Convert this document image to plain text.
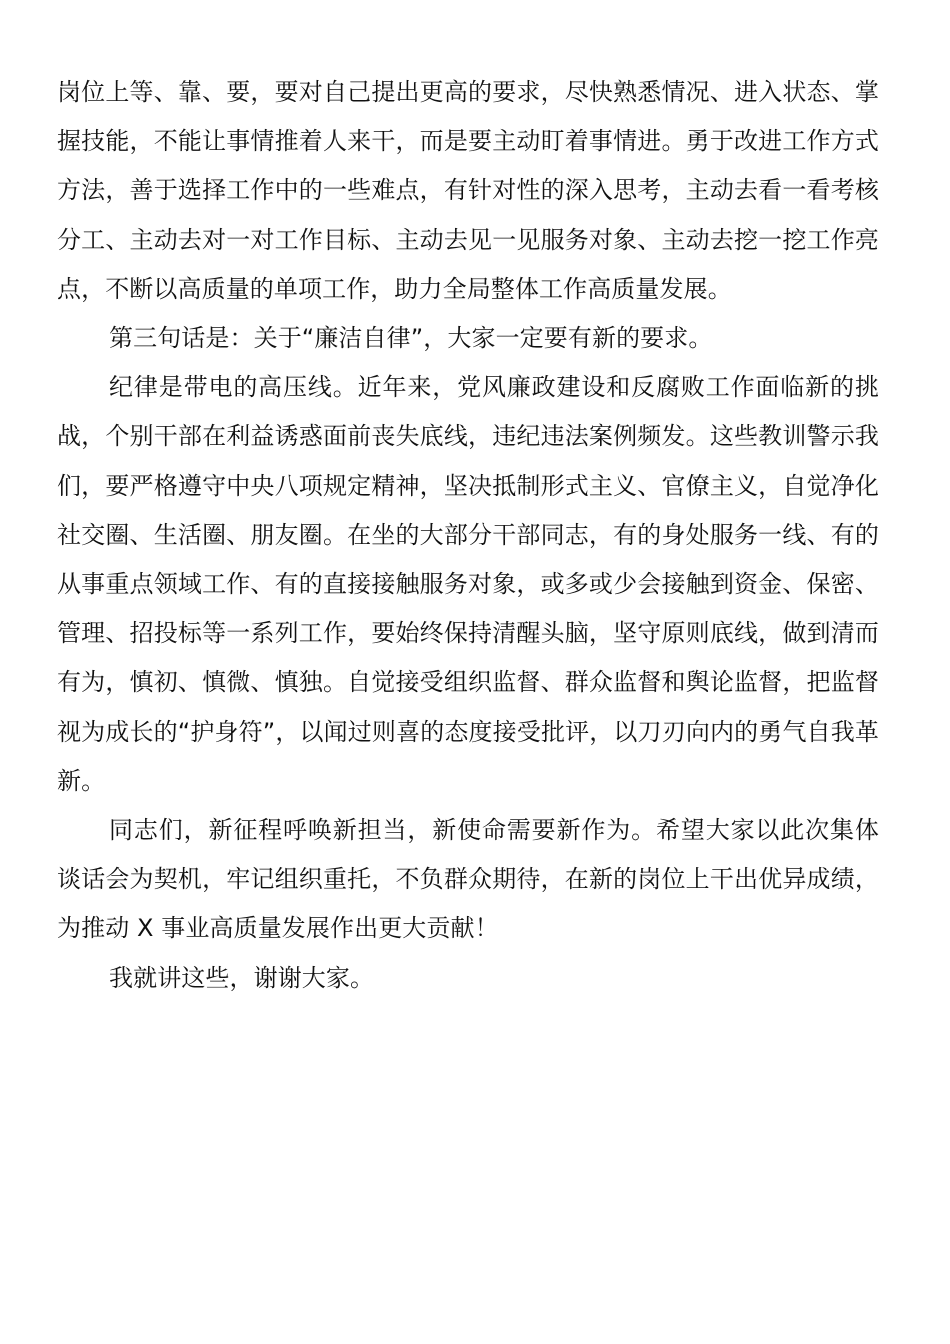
岗位上等、靠、要，要对自己提出更高的要求，尽快熟悉情况、进入状态、掌握技能，不能让事情推着人来干，而是要主动盯着事情进。勇于改进工作方式方法，善于选择工作中的一些难点，有针对性的深入思考，主动去看一看考核分工、主动去对一对工作目标、主动去见一见服务对象、主动去挖一挖工作亮点，不断以高质量的单项工作，助力全局整体工作高质量发展。

第三句话是：关于“廉洁自律”，大家一定要有新的要求。

纪律是带电的高压线。近年来，党风廉政建设和反腐败工作面临新的挑战，个别干部在利益诱惑面前丧失底线，违纪违法案例频发。这些教训警示我们，要严格遵守中央八项规定精神，坚决抵制形式主义、官僚主义，自觉净化社交圈、生活圈、朋友圈。在坐的大部分干部同志，有的身处服务一线、有的从事重点领域工作、有的直接接触服务对象，或多或少会接触到资金、保密、管理、招投标等一系列工作，要始终保持清醒头脑，坚守原则底线，做到清而有为，慎初、慎微、慎独。自觉接受组织监督、群众监督和舆论监督，把监督视为成长的“护身符”，以闻过则喜的态度接受批评，以刀刃向内的勇气自我革新。

同志们，新征程呼唤新担当，新使命需要新作为。希望大家以此次集体谈话会为契机，牢记组织重托，不负群众期待，在新的岗位上干出优异成绩，为推动 X 事业高质量发展作出更大贡献！

我就讲这些，谢谢大家。
